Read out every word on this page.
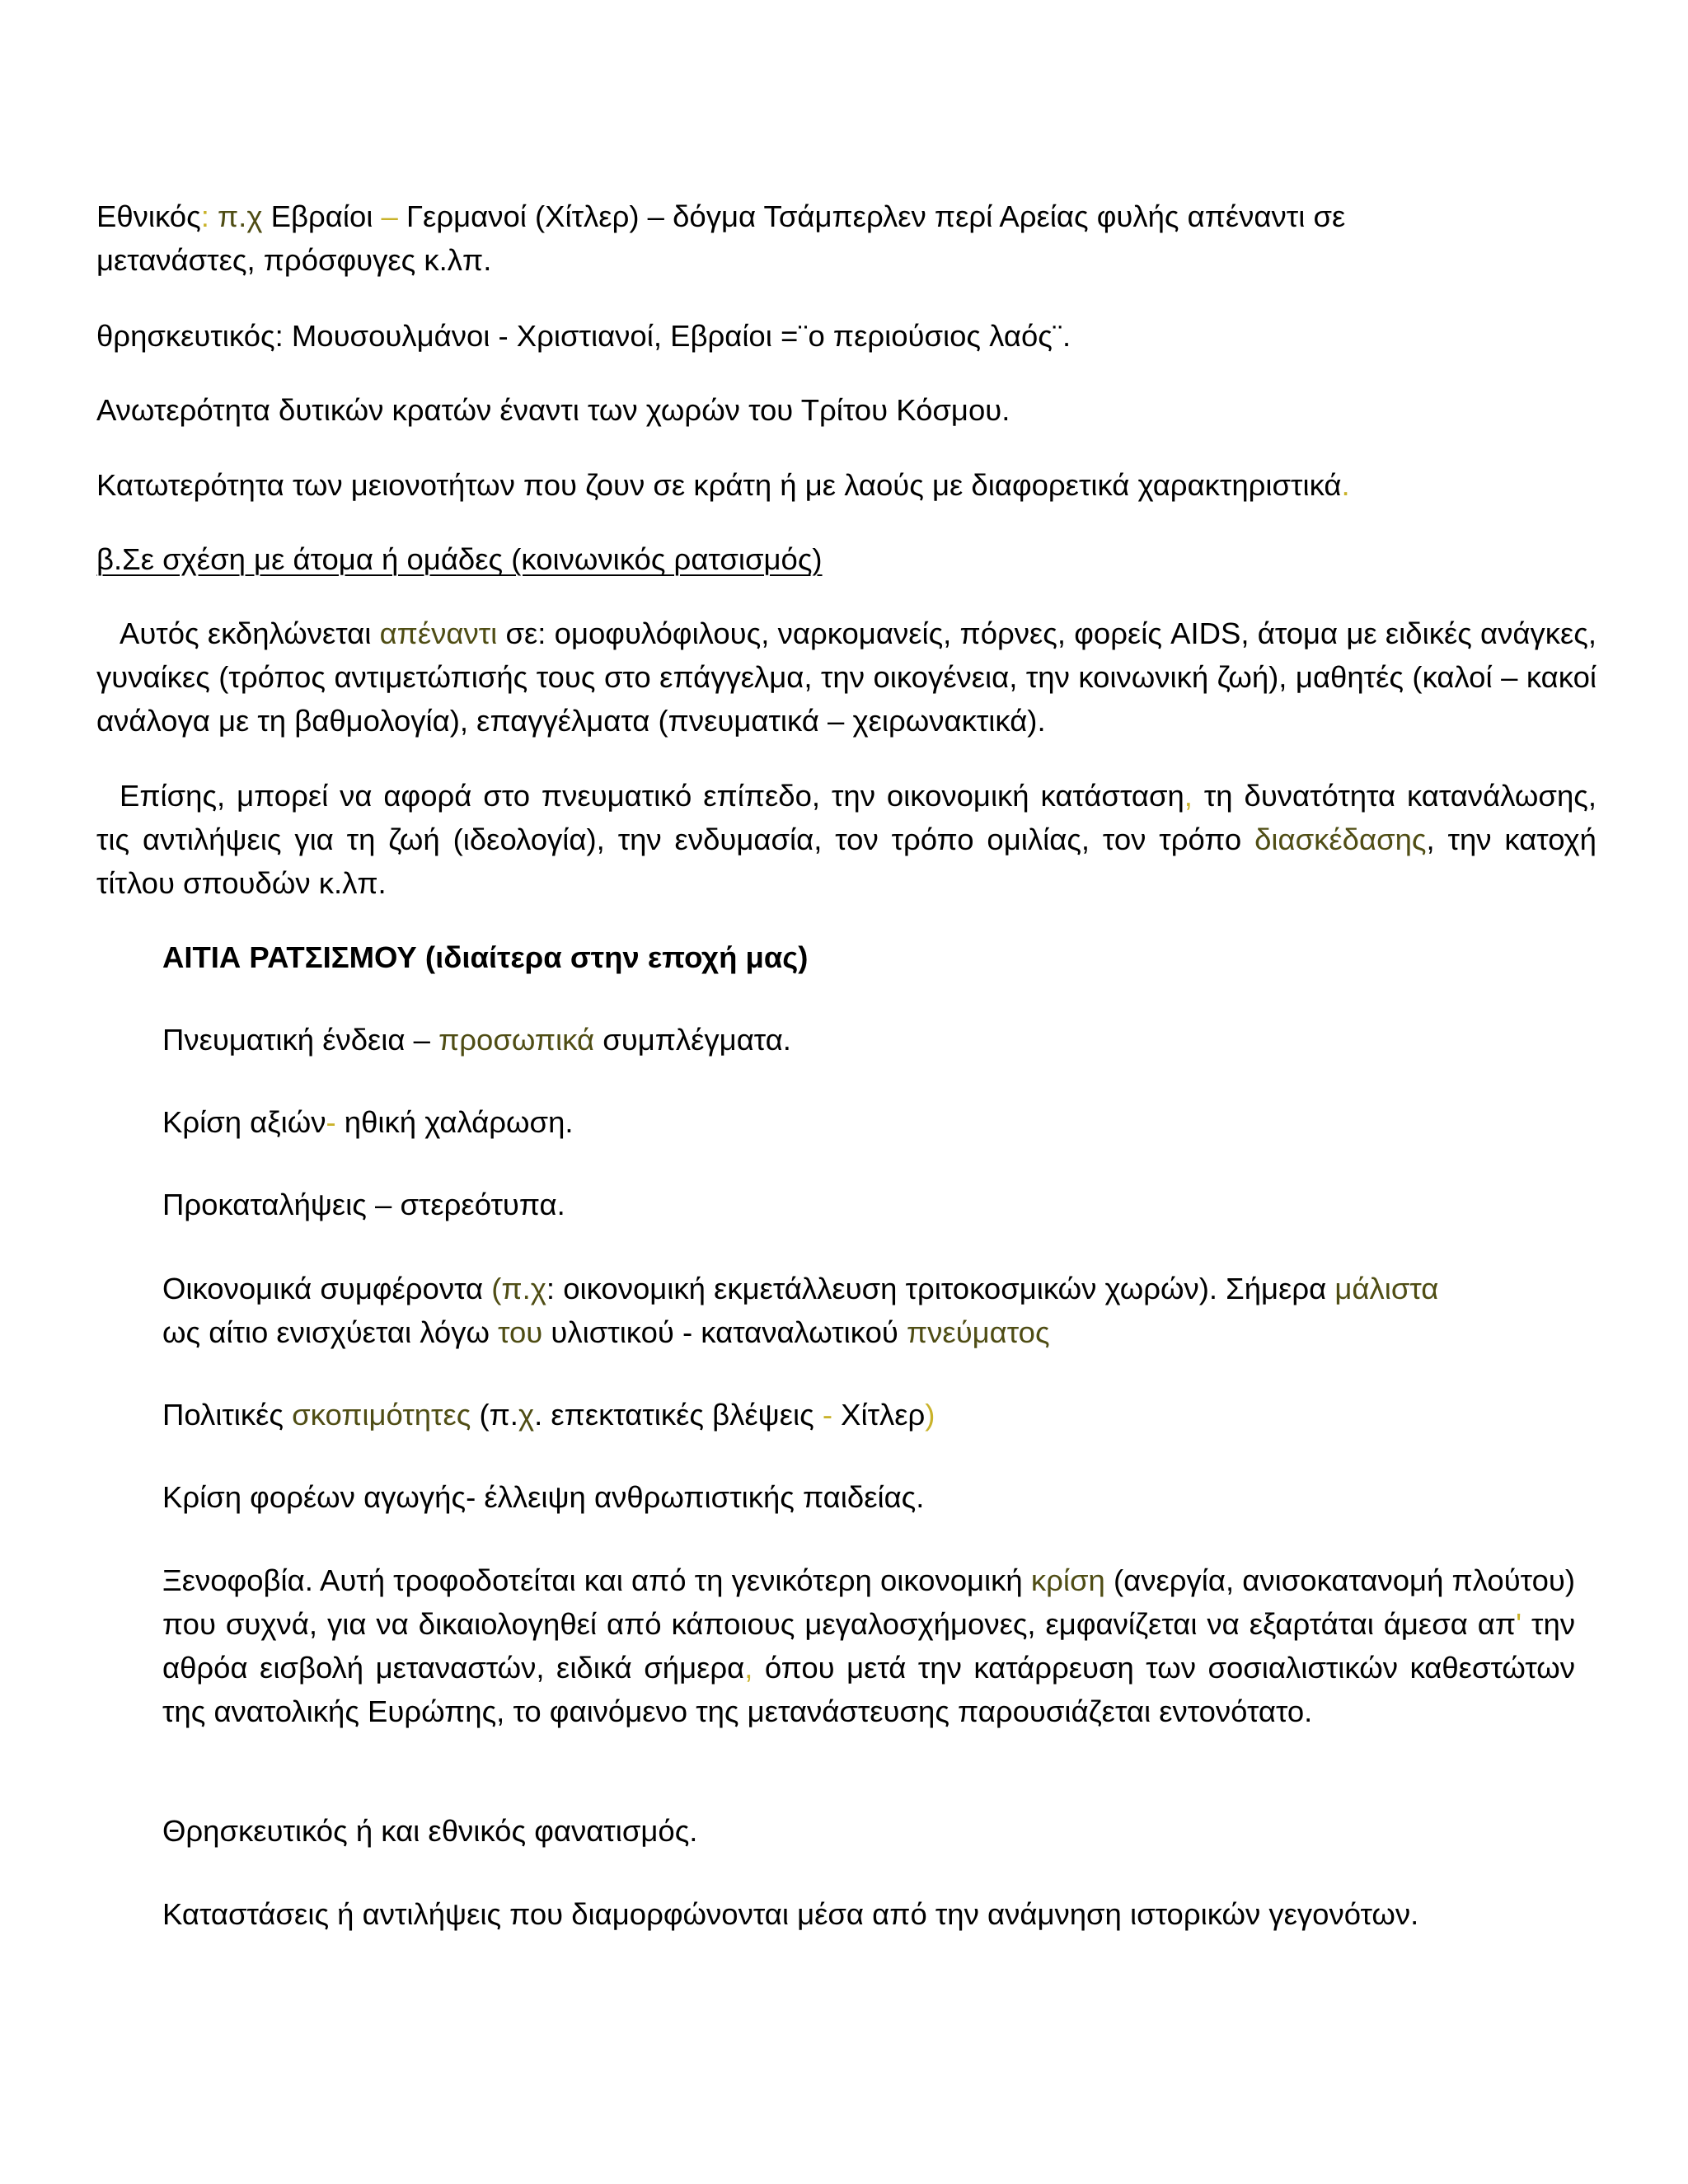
Εθνικός: π.χ Εβραίοι – Γερμανοί (Χίτλερ) – δόγμα Τσάμπερλεν περί Αρείας φυλής απέναντι σε

μετανάστες, πρόσφυγες κ.λπ.

θρησκευτικός: Μουσουλμάνοι - Χριστιανοί, Εβραίοι =¨ο περιούσιος λαός¨.

Ανωτερότητα δυτικών κρατών έναντι των χωρών του Τρίτου Κόσμου.

Κατωτερότητα των μειονοτήτων που ζουν σε κράτη ή με λαούς με διαφορετικά χαρακτηριστικά.

β.Σε σχέση με άτομα ή ομάδες (κοινωνικός ρατσισμός)

Αυτός εκδηλώνεται απέναντι σε: ομοφυλόφιλους, ναρκομανείς, πόρνες, φορείς AIDS, άτομα με ειδικές ανάγκες, γυναίκες (τρόπος αντιμετώπισής τους στο επάγγελμα, την οικογένεια, την κοινωνική ζωή), μαθητές (καλοί – κακοί ανάλογα με τη βαθμολογία), επαγγέλματα (πνευματικά – χειρωνακτικά).

Επίσης, μπορεί να αφορά στο πνευματικό επίπεδο, την οικονομική κατάσταση, τη δυνατότητα κατανάλωσης, τις αντιλήψεις για τη ζωή (ιδεολογία), την ενδυμασία, τον τρόπο ομιλίας, τον τρόπο διασκέδασης, την κατοχή τίτλου σπουδών κ.λπ.

ΑΙΤΙΑ ΡΑΤΣΙΣΜΟΥ (ιδιαίτερα στην εποχή μας)

Πνευματική ένδεια – προσωπικά συμπλέγματα.

Κρίση αξιών- ηθική χαλάρωση.

Προκαταλήψεις – στερεότυπα.

Οικονομικά συμφέροντα (π.χ: οικονομική εκμετάλλευση τριτοκοσμικών χωρών). Σήμερα μάλιστα

ως αίτιο ενισχύεται λόγω του υλιστικού - καταναλωτικού πνεύματος

Πολιτικές σκοπιμότητες (π.χ. επεκτατικές βλέψεις - Χίτλερ)

Κρίση φορέων αγωγής- έλλειψη ανθρωπιστικής παιδείας.

Ξενοφοβία. Αυτή τροφοδοτείται και από τη γενικότερη οικονομική κρίση (ανεργία, ανισοκατανομή πλούτου) που συχνά, για να δικαιολογηθεί από κάποιους μεγαλοσχήμονες, εμφανίζεται να εξαρτάται άμεσα απ' την αθρόα εισβολή μεταναστών, ειδικά σήμερα, όπου μετά την κατάρρευση των σοσιαλιστικών καθεστώτων της ανατολικής Ευρώπης, το φαινόμενο της μετανάστευσης παρουσιάζεται εντονότατο.

Θρησκευτικός ή και εθνικός φανατισμός.

Καταστάσεις ή αντιλήψεις που διαμορφώνονται μέσα από την ανάμνηση ιστορικών γεγονότων.
